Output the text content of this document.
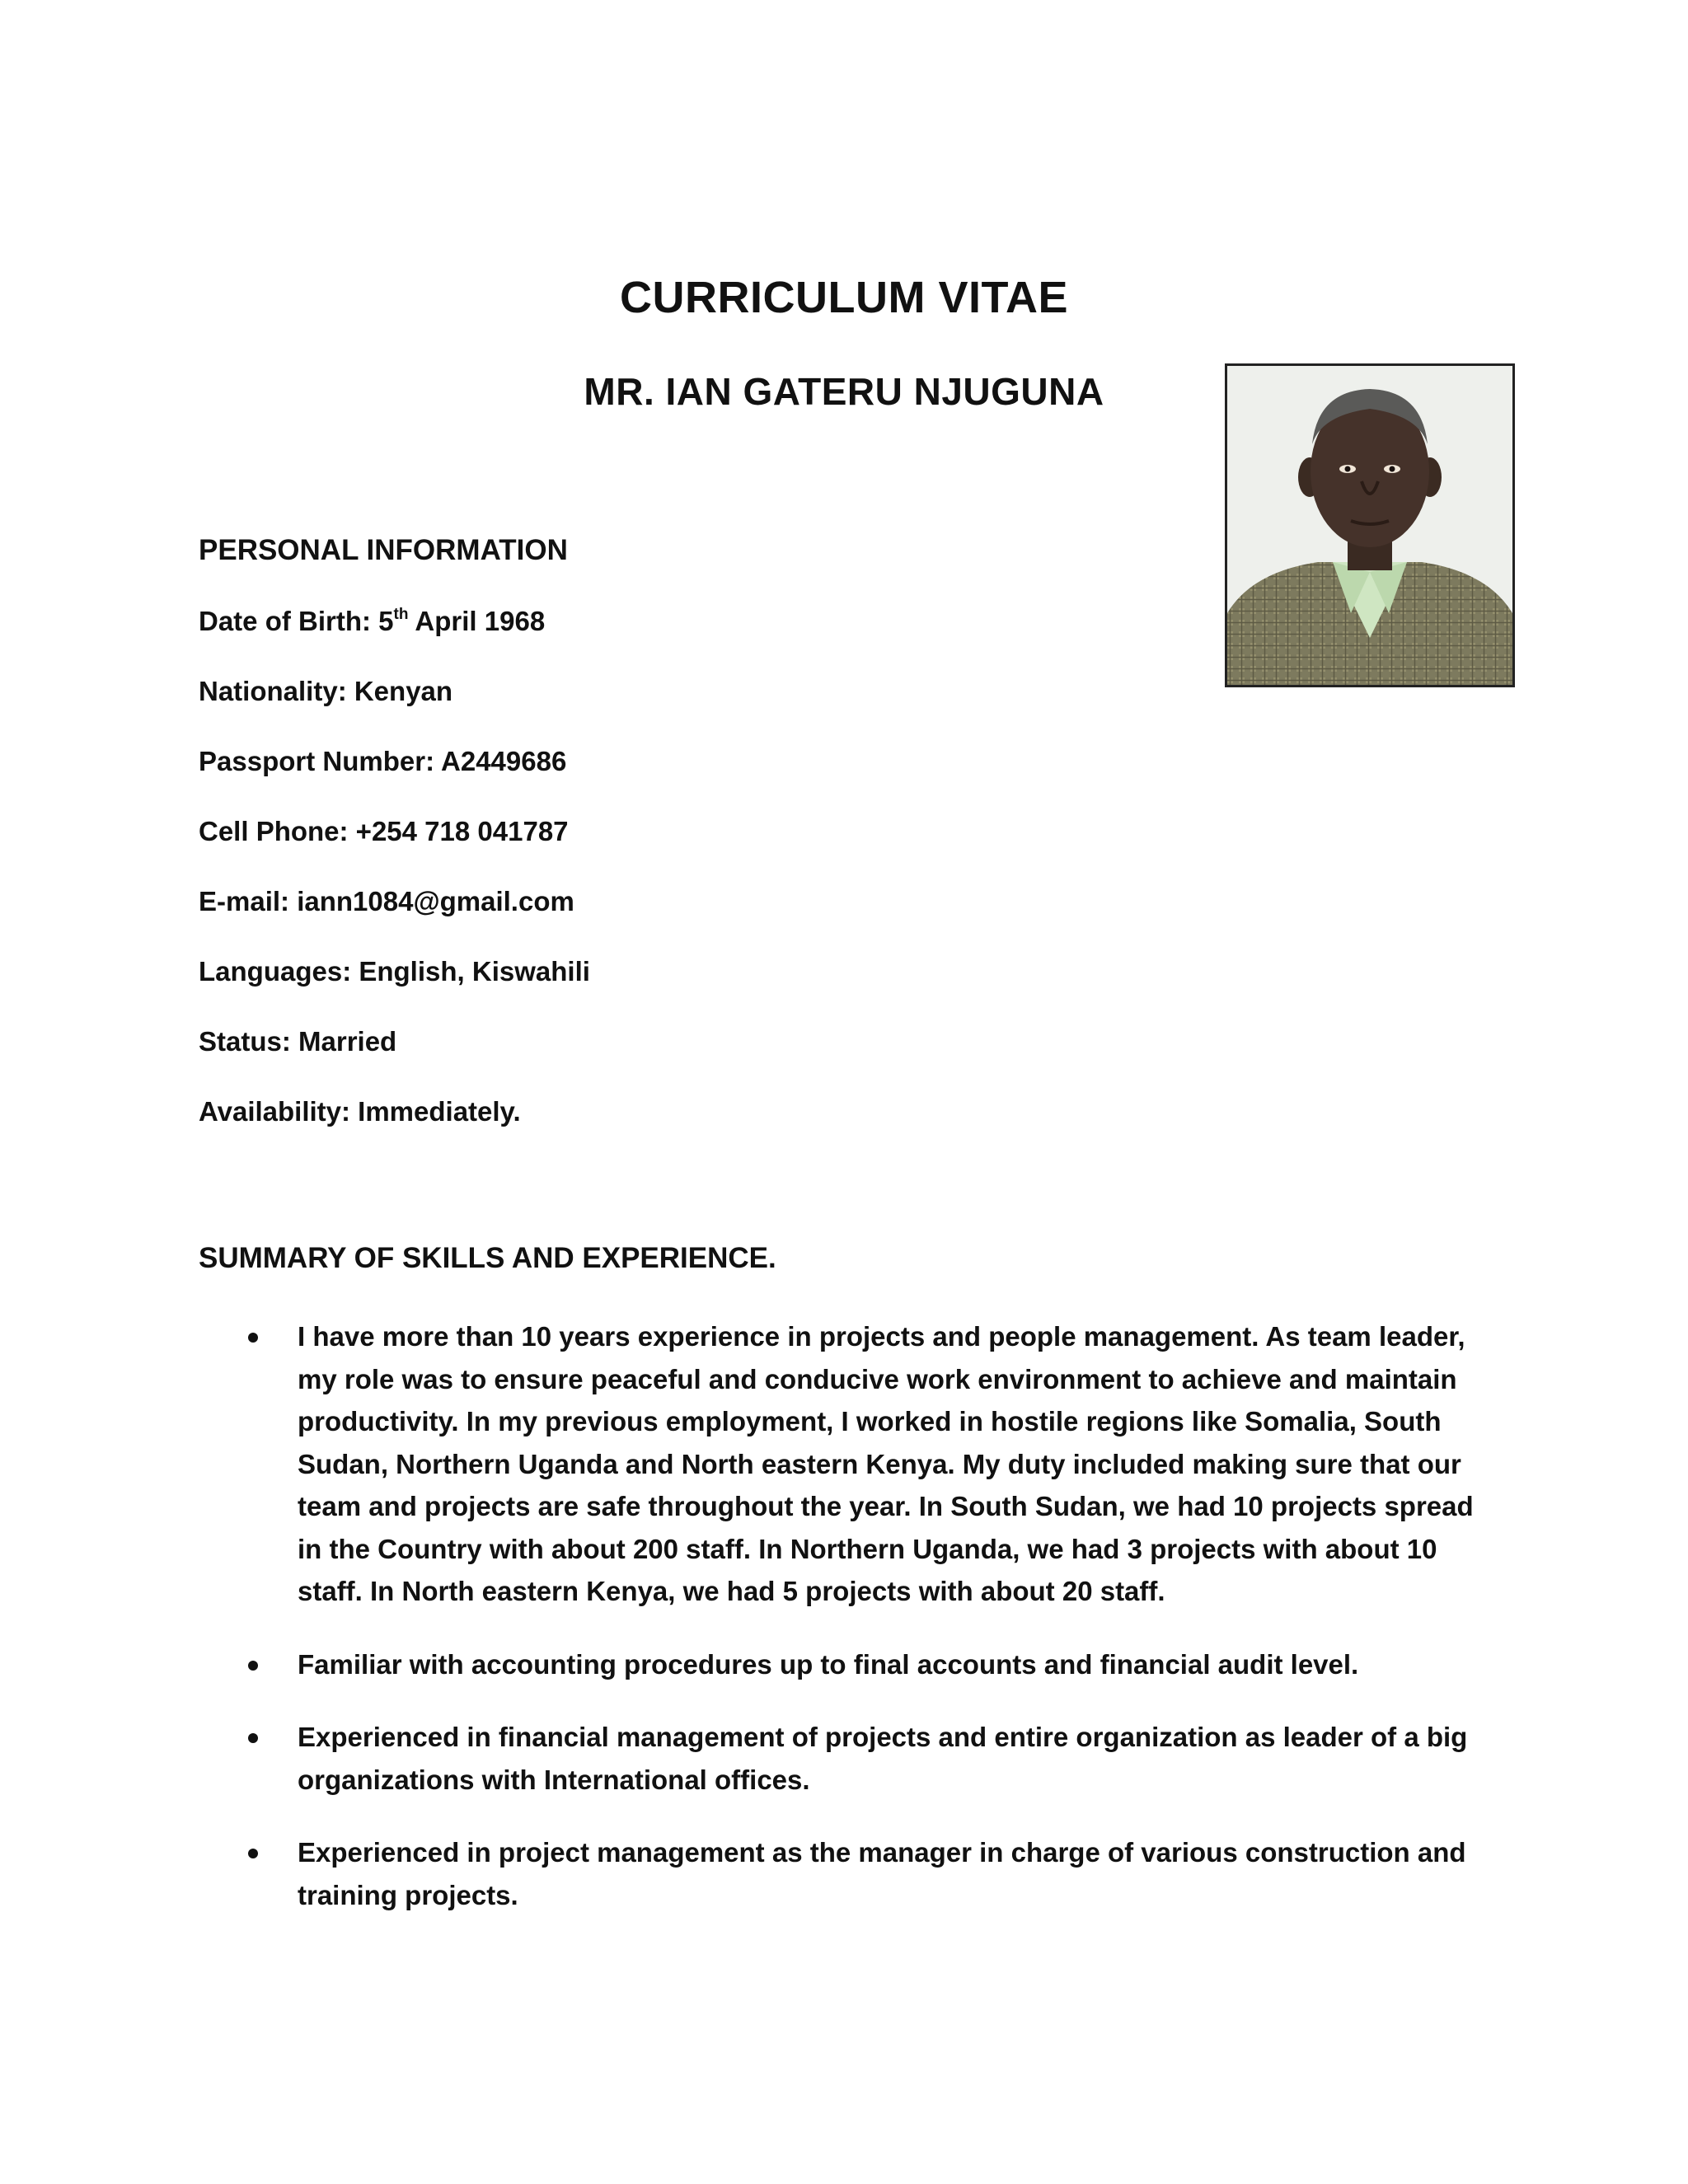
CURRICULUM VITAE
MR. IAN GATERU NJUGUNA
PERSONAL INFORMATION

Date of Birth: 5th April 1968

Nationality: Kenyan

Passport Number: A2449686

Cell Phone: +254 718 041787

E-mail: iann1084@gmail.com

Languages: English, Kiswahili

Status: Married

Availability: Immediately.

SUMMARY OF SKILLS AND EXPERIENCE.
I have more than 10 years experience in projects and people management. As team leader, my role was to ensure peaceful and conducive work environment to achieve and maintain productivity. In my previous employment, I worked in hostile regions like Somalia, South Sudan, Northern Uganda and North eastern Kenya. My duty included making sure that our team and projects are safe throughout the year. In South Sudan, we had 10 projects spread in the Country with about 200 staff. In Northern Uganda, we had 3 projects with about 10 staff. In North eastern Kenya, we had 5 projects with about 20 staff.
Familiar with accounting procedures up to final accounts and financial audit level.
Experienced in financial management of projects and entire organization as leader of a big organizations with International offices.
Experienced in project management as the manager in charge of various construction and training projects.
